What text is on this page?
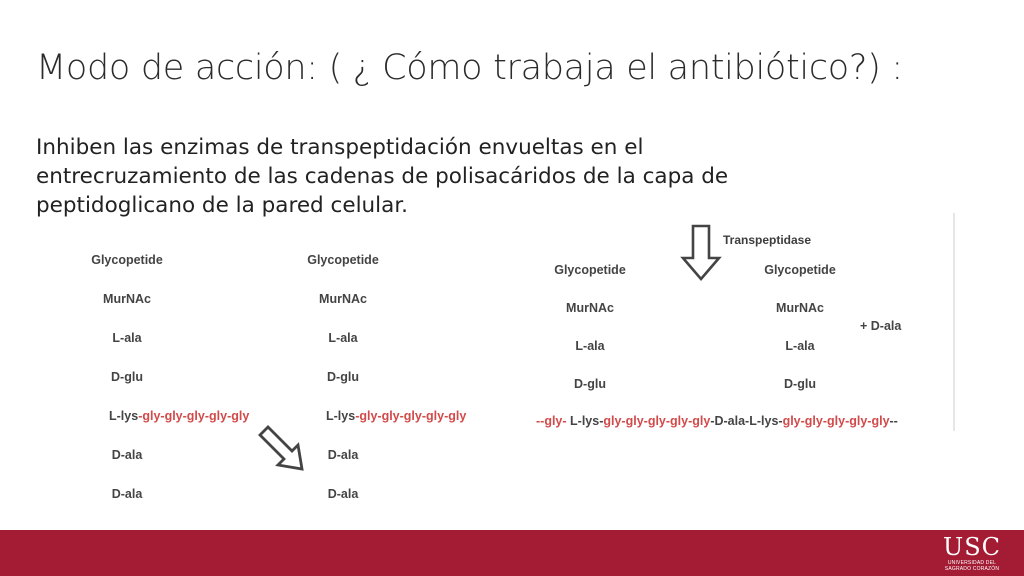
Modo de acción: ( ¿ Cómo trabaja el antibiótico?) :
Inhiben las enzimas de transpeptidación envueltas en el
entrecruzamiento de las cadenas de polisacáridos de la capa de
peptidoglicano de la pared celular.
Glycopetide
MurNAc
L-ala
D-glu
L-lys-gly-gly-gly-gly-gly
D-ala
D-ala
Glycopetide
MurNAc
L-ala
D-glu
L-lys-gly-gly-gly-gly-gly
D-ala
D-ala
Transpeptidase
Glycopetide
MurNAc
L-ala
D-glu
Glycopetide
MurNAc
L-ala
D-glu
+ D-ala
--gly- L-lys-gly-gly-gly-gly-gly-D-ala-L-lys-gly-gly-gly-gly-gly--
USC
UNIVERSIDAD DEL
SAGRADO CORAZÓN
